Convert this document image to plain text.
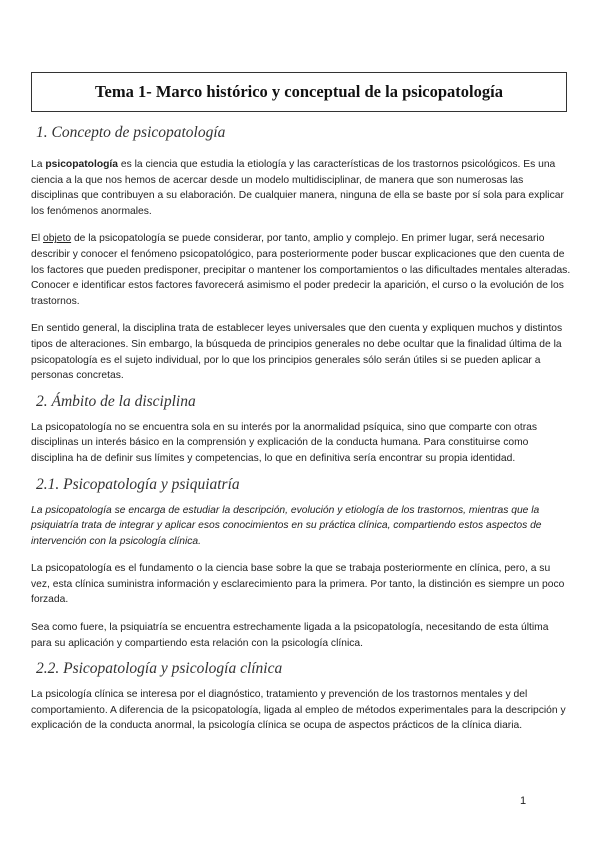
Tema 1- Marco histórico y conceptual de la psicopatología
1. Concepto de psicopatología

La psicopatología es la ciencia que estudia la etiología y las características de los trastornos psicológicos. Es una ciencia a la que nos hemos de acercar desde un modelo multidisciplinar, de manera que son numerosas las disciplinas que contribuyen a su elaboración. De cualquier manera, ninguna de ella se baste por sí sola para explicar los fenómenos anormales.

El objeto de la psicopatología se puede considerar, por tanto, amplio y complejo. En primer lugar, será necesario describir y conocer el fenómeno psicopatológico, para posteriormente poder buscar explicaciones que den cuenta de los factores que pueden predisponer, precipitar o mantener los comportamientos o las dificultades mentales alteradas. Conocer e identificar estos factores favorecerá asimismo el poder predecir la aparición, el curso o la evolución de los trastornos.

En sentido general, la disciplina trata de establecer leyes universales que den cuenta y expliquen muchos y distintos tipos de alteraciones. Sin embargo, la búsqueda de principios generales no debe ocultar que la finalidad última de la psicopatología es el sujeto individual, por lo que los principios generales sólo serán útiles si se pueden aplicar a personas concretas.

2. Ámbito de la disciplina

La psicopatología no se encuentra sola en su interés por la anormalidad psíquica, sino que comparte con otras disciplinas un interés básico en la comprensión y explicación de la conducta humana. Para constituirse como disciplina ha de definir sus límites y competencias, lo que en definitiva sería encontrar su propia identidad.

2.1. Psicopatología y psiquiatría

La psicopatología se encarga de estudiar la descripción, evolución y etiología de los trastornos, mientras que la psiquiatría trata de integrar y aplicar esos conocimientos en su práctica clínica, compartiendo estos aspectos de intervención con la psicología clínica.

La psicopatología es el fundamento o la ciencia base sobre la que se trabaja posteriormente en clínica, pero, a su vez, esta clínica suministra información y esclarecimiento para la primera. Por tanto, la distinción es siempre un poco forzada.

Sea como fuere, la psiquiatría se encuentra estrechamente ligada a la psicopatología, necesitando de esta última para su aplicación y compartiendo esta relación con la psicología clínica.

2.2. Psicopatología y psicología clínica

La psicología clínica se interesa por el diagnóstico, tratamiento y prevención de los trastornos mentales y del comportamiento. A diferencia de la psicopatología, ligada al empleo de métodos experimentales para la descripción y explicación de la conducta anormal, la psicología clínica se ocupa de aspectos prácticos de la clínica diaria.

1
